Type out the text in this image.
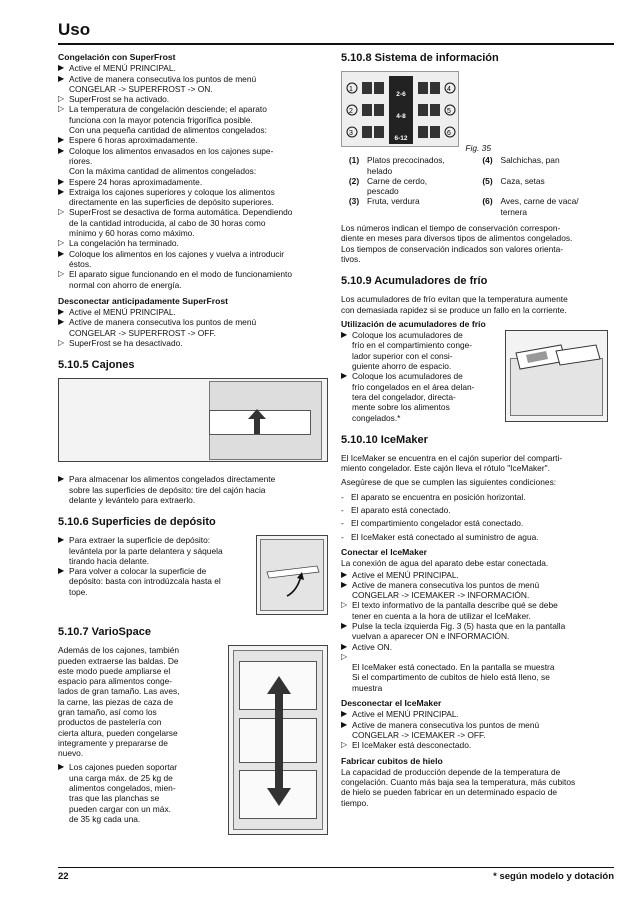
Uso
Congelación con SuperFrost
▶ Active el MENÚ PRINCIPAL.
▶ Active de manera consecutiva los puntos de menú
CONGELAR -> SUPERFROST -> ON.
▷ SuperFrost se ha activado.
▷ La temperatura de congelación desciende; el aparato
funciona con la mayor potencia frigorífica posible.
Con una pequeña cantidad de alimentos congelados:
▶ Espere 6 horas aproximadamente.
▶ Coloque los alimentos envasados en los cajones supe-
riores.
Con la máxima cantidad de alimentos congelados:
▶ Espere 24 horas aproximadamente.
▶ Extraiga los cajones superiores y coloque los alimentos
directamente en las superficies de depósito superiores.
▷ SuperFrost se desactiva de forma automática. Dependiendo
de la cantidad introducida, al cabo de 30 horas como
mínimo y 60 horas como máximo.
▷ La congelación ha terminado.
▶ Coloque los alimentos en los cajones y vuelva a introducir
éstos.
▷ El aparato sigue funcionando en el modo de funcionamiento
normal con ahorro de energía.
Desconectar anticipadamente SuperFrost
▶ Active el MENÚ PRINCIPAL.
▶ Active de manera consecutiva los puntos de menú
CONGELAR -> SUPERFROST -> OFF.
▷ SuperFrost se ha desactivado.
5.10.5 Cajones
▶ Para almacenar los alimentos congelados directamente
sobre las superficies de depósito: tire del cajón hacia
delante y levántelo para extraerlo.
5.10.6 Superficies de depósito
▶ Para extraer la superficie de depósito:
levántela por la parte delantera y sáquela
tirando hacia delante.
▶ Para volver a colocar la superficie de
depósito: basta con introdúzcala hasta el
tope.
5.10.7 VarioSpace
Además de los cajones, también
pueden extraerse las baldas. De
este modo puede ampliarse el
espacio para alimentos conge-
lados de gran tamaño. Las aves,
la carne, las piezas de caza de
gran tamaño, así como los
productos de pastelería con
cierta altura, pueden congelarse
integramente y prepararse de
nuevo.
▶ Los cajones pueden soportar
una carga máx. de 25 kg de
alimentos congelados, mien-
tras que las planchas se
pueden cargar con un máx.
de 35 kg cada una.
5.10.8 Sistema de información
1
2
3
4
5
6
2-6
4-8
6-12
Fig. 35
(1) Platos precocinados,
helado
(4) Salchichas, pan
(2) Carne de cerdo,
pescado
(5) Caza, setas
(3) Fruta, verdura	(6) Aves, carne de vaca/
ternera
Los números indican el tiempo de conservación correspon-
diente en meses para diversos tipos de alimentos congelados.
Los tiempos de conservación indicados son valores orienta-
tivos.
5.10.9 Acumuladores de frío
Los acumuladores de frío evitan que la temperatura aumente
con demasiada rapidez si se produce un fallo en la corriente.
Utilización de acumuladores de frío
▶ Coloque los acumuladores de
frío en el compartimiento conge-
lador superior con el consi-
guiente ahorro de espacio.
▶ Coloque los acumuladores de
frío congelados en el área delan-
tera del congelador, directa-
mente sobre los alimentos
congelados.*
5.10.10 IceMaker
El IceMaker se encuentra en el cajón superior del comparti-
miento congelador. Este cajón lleva el rótulo "IceMaker".
Asegúrese de que se cumplen las siguientes condiciones:
- El aparato se encuentra en posición horizontal.
- El aparato está conectado.
- El compartimiento congelador está conectado.
- El IceMaker está conectado al suministro de agua.
Conectar el IceMaker
La conexión de agua del aparato debe estar conectada.
▶ Active el MENÚ PRINCIPAL.
▶ Active de manera consecutiva los puntos de menú
CONGELAR -> ICEMAKER -> INFORMACIÓN.
▷ El texto informativo de la pantalla describe qué se debe
tener en cuenta a la hora de utilizar el IceMaker.
▶ Pulse la tecla izquierda Fig. 3 (5) hasta que en la pantalla
vuelvan a aparecer ON e INFORMACIÓN.
▶ Active ON.
▷

El IceMaker está conectado. En la pantalla se muestra
Si el compartimento de cubitos de hielo está lleno, se
muestra
Desconectar el IceMaker
▶ Active el MENÚ PRINCIPAL.
▶ Active de manera consecutiva los puntos de menú
CONGELAR -> ICEMAKER -> OFF.
▷ El IceMaker está desconectado.
Fabricar cubitos de hielo
La capacidad de producción depende de la temperatura de
congelación. Cuanto más baja sea la temperatura, más cubitos
de hielo se pueden fabricar en un determinado espacio de
tiempo.
22	* según modelo y dotación
